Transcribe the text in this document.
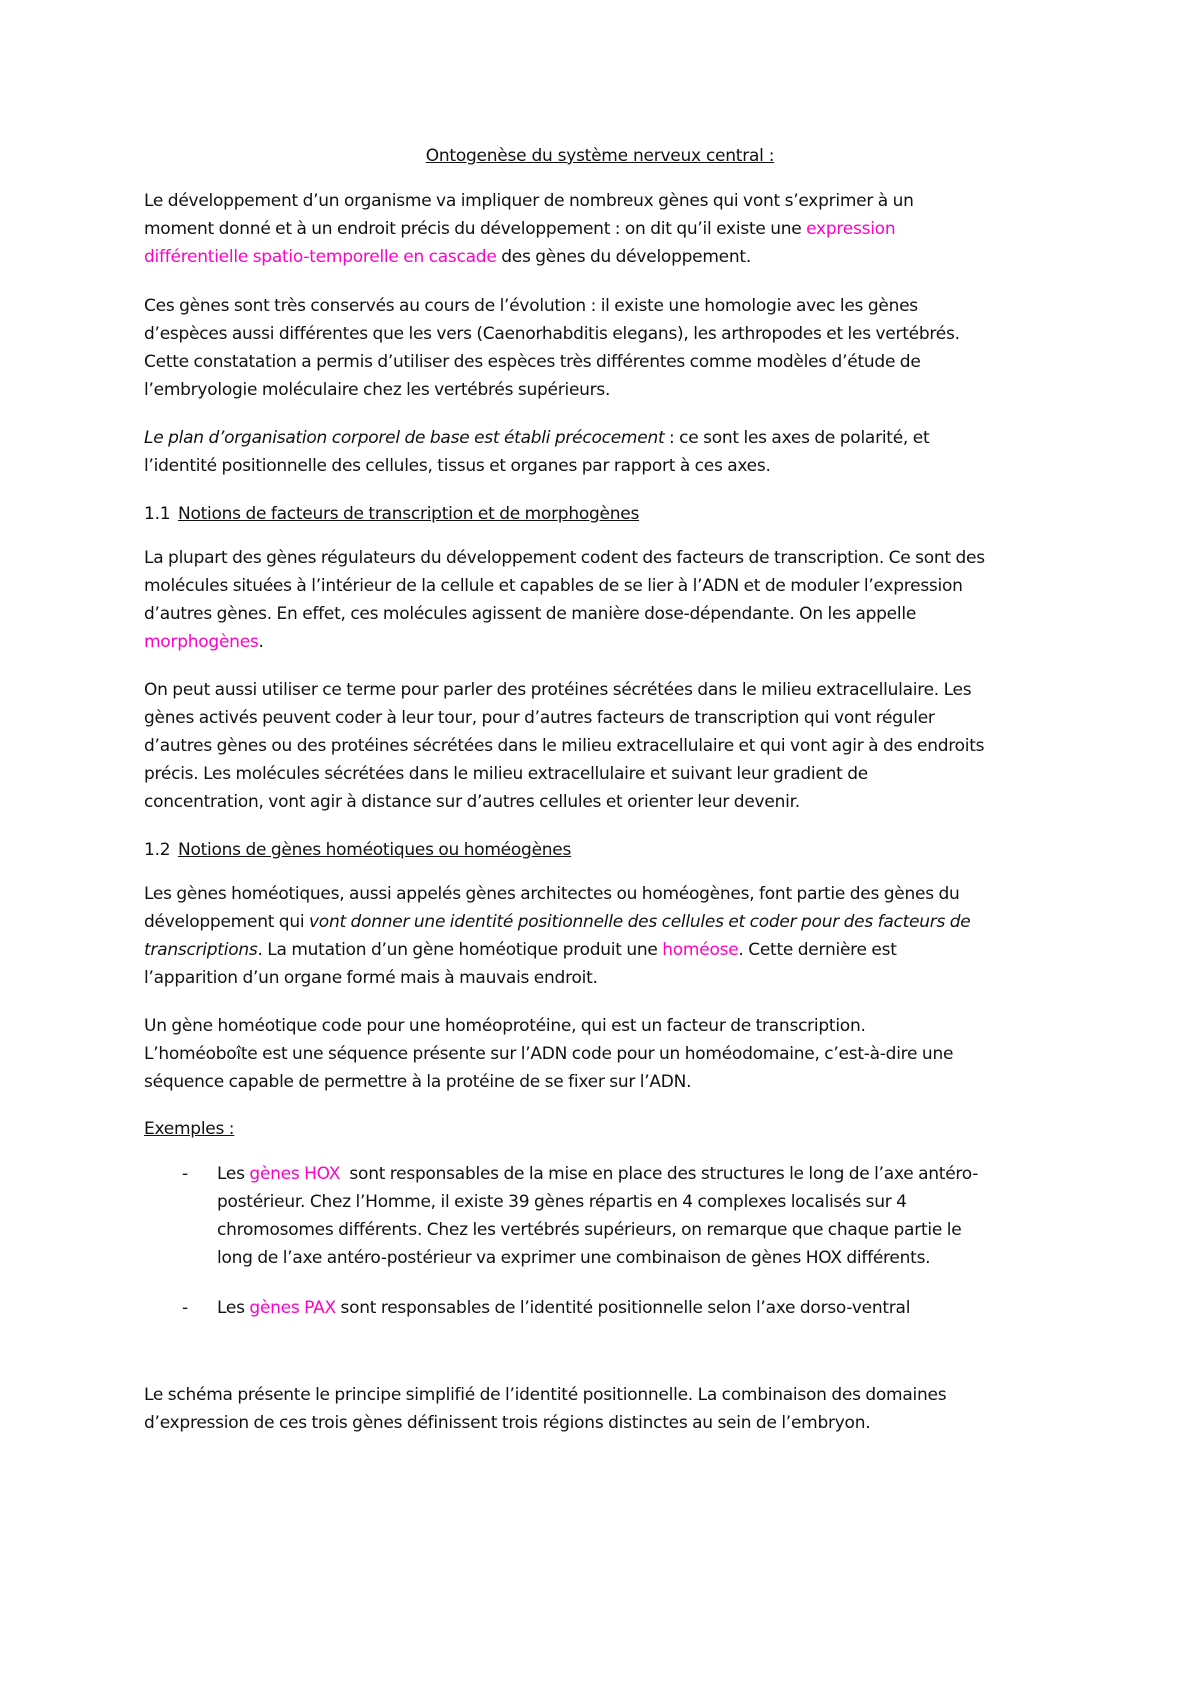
Ontogenèse du système nerveux central :
Le développement d’un organisme va impliquer de nombreux gènes qui vont s’exprimer à un
moment donné et à un endroit précis du développement : on dit qu’il existe une expression
différentielle spatio-temporelle en cascade des gènes du développement.
Ces gènes sont très conservés au cours de l’évolution : il existe une homologie avec les gènes
d’espèces aussi différentes que les vers (Caenorhabditis elegans), les arthropodes et les vertébrés.
Cette constatation a permis d’utiliser des espèces très différentes comme modèles d’étude de
l’embryologie moléculaire chez les vertébrés supérieurs.
Le plan d’organisation corporel de base est établi précocement : ce sont les axes de polarité, et
l’identité positionnelle des cellules, tissus et organes par rapport à ces axes.
1.1 Notions de facteurs de transcription et de morphogènes
La plupart des gènes régulateurs du développement codent des facteurs de transcription. Ce sont des
molécules situées à l’intérieur de la cellule et capables de se lier à l’ADN et de moduler l’expression
d’autres gènes. En effet, ces molécules agissent de manière dose-dépendante. On les appelle
morphogènes.
On peut aussi utiliser ce terme pour parler des protéines sécrétées dans le milieu extracellulaire. Les
gènes activés peuvent coder à leur tour, pour d’autres facteurs de transcription qui vont réguler
d’autres gènes ou des protéines sécrétées dans le milieu extracellulaire et qui vont agir à des endroits
précis. Les molécules sécrétées dans le milieu extracellulaire et suivant leur gradient de
concentration, vont agir à distance sur d’autres cellules et orienter leur devenir.
1.2 Notions de gènes homéotiques ou homéogènes
Les gènes homéotiques, aussi appelés gènes architectes ou homéogènes, font partie des gènes du
développement qui vont donner une identité positionnelle des cellules et coder pour des facteurs de
transcriptions. La mutation d’un gène homéotique produit une homéose. Cette dernière est
l’apparition d’un organe formé mais à mauvais endroit.
Un gène homéotique code pour une homéoprotéine, qui est un facteur de transcription.
L’homéoboîte est une séquence présente sur l’ADN code pour un homéodomaine, c’est-à-dire une
séquence capable de permettre à la protéine de se fixer sur l’ADN.
Exemples :
- Les gènes HOX  sont responsables de la mise en place des structures le long de l’axe antéro-
postérieur. Chez l’Homme, il existe 39 gènes répartis en 4 complexes localisés sur 4
chromosomes différents. Chez les vertébrés supérieurs, on remarque que chaque partie le
long de l’axe antéro-postérieur va exprimer une combinaison de gènes HOX différents.
- Les gènes PAX sont responsables de l’identité positionnelle selon l’axe dorso-ventral
Le schéma présente le principe simplifié de l’identité positionnelle. La combinaison des domaines
d’expression de ces trois gènes définissent trois régions distinctes au sein de l’embryon.
